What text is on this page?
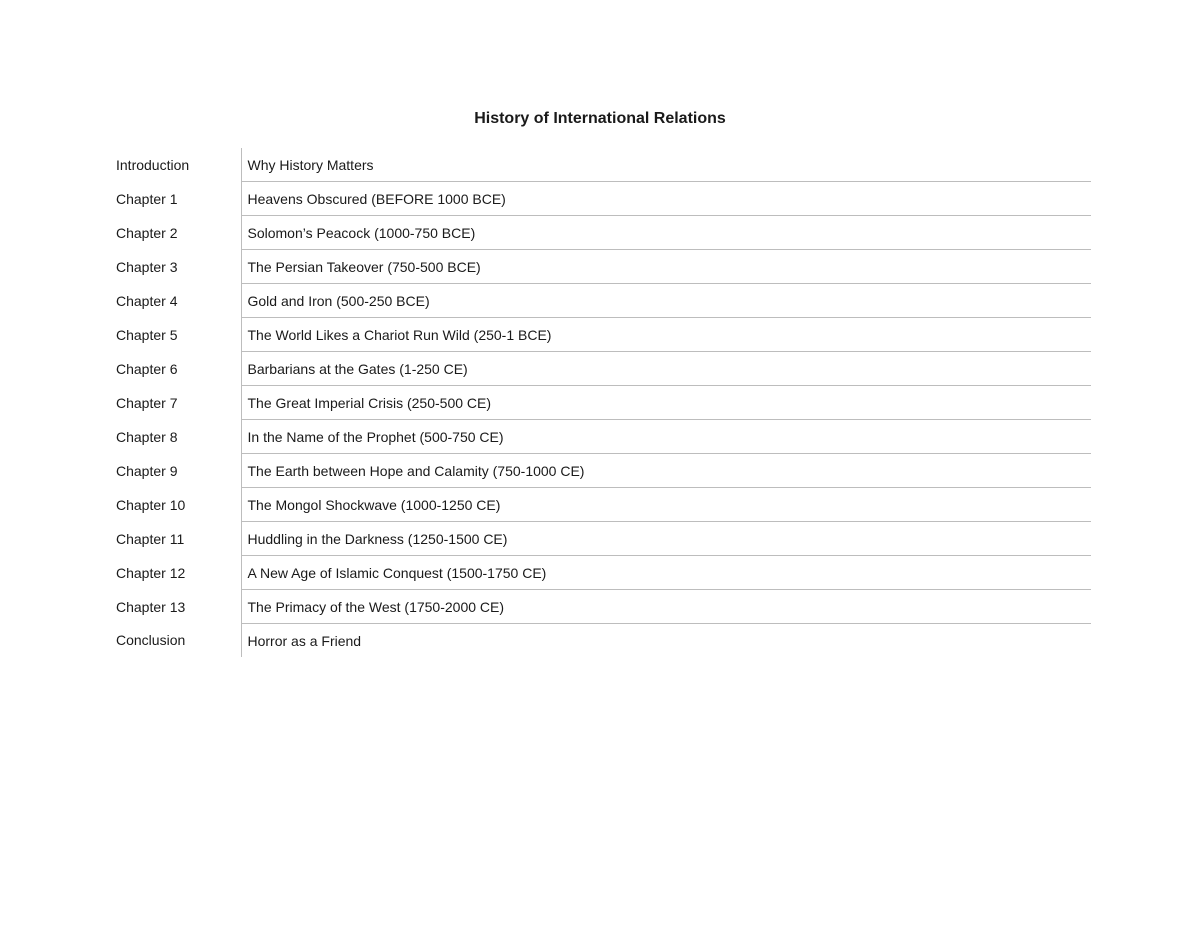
History of International Relations
Introduction	Why History Matters
Chapter 1	Heavens Obscured (BEFORE 1000 BCE)
Chapter 2	Solomon’s Peacock (1000-750 BCE)
Chapter 3	The Persian Takeover (750-500 BCE)
Chapter 4	Gold and Iron (500-250 BCE)
Chapter 5	The World Likes a Chariot Run Wild (250-1 BCE)
Chapter 6	Barbarians at the Gates (1-250 CE)
Chapter 7	The Great Imperial Crisis (250-500 CE)
Chapter 8	In the Name of the Prophet (500-750 CE)
Chapter 9	The Earth between Hope and Calamity (750-1000 CE)
Chapter 10	The Mongol Shockwave (1000-1250 CE)
Chapter 11	Huddling in the Darkness (1250-1500 CE)
Chapter 12	A New Age of Islamic Conquest (1500-1750 CE)
Chapter 13	The Primacy of the West (1750-2000 CE)
Conclusion	Horror as a Friend
